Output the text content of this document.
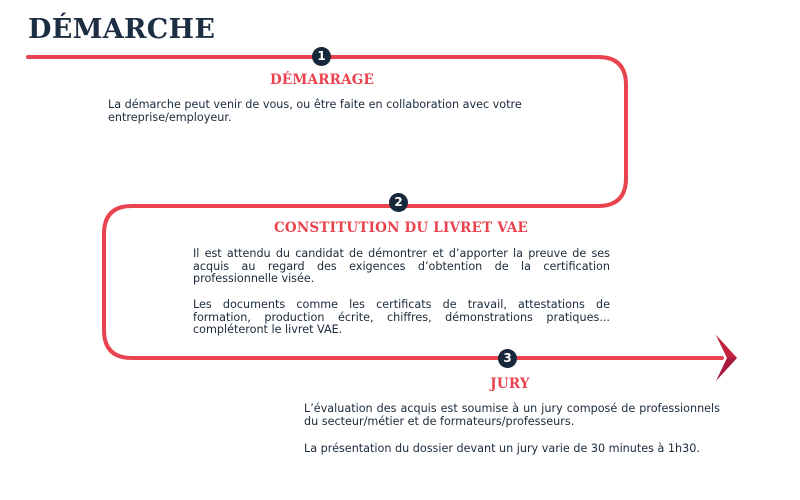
DÉMARCHE
1
DÉMARRAGE

La démarche peut venir de vous, ou être faite en collaboration avec votre entreprise/employeur.

2
CONSTITUTION DU LIVRET VAE

Il est attendu du candidat de démontrer et d’apporter la preuve de ses acquis au regard des exigences d’obtention de la certification professionnelle visée.

Les documents comme les certificats de travail, attestations de formation, production écrite, chiffres, démonstrations pratiques... compléteront le livret VAE.

3
JURY

L’évaluation des acquis est soumise à un jury composé de professionnels du secteur/métier et de formateurs/professeurs.

La présentation du dossier devant un jury varie de 30 minutes à 1h30.
